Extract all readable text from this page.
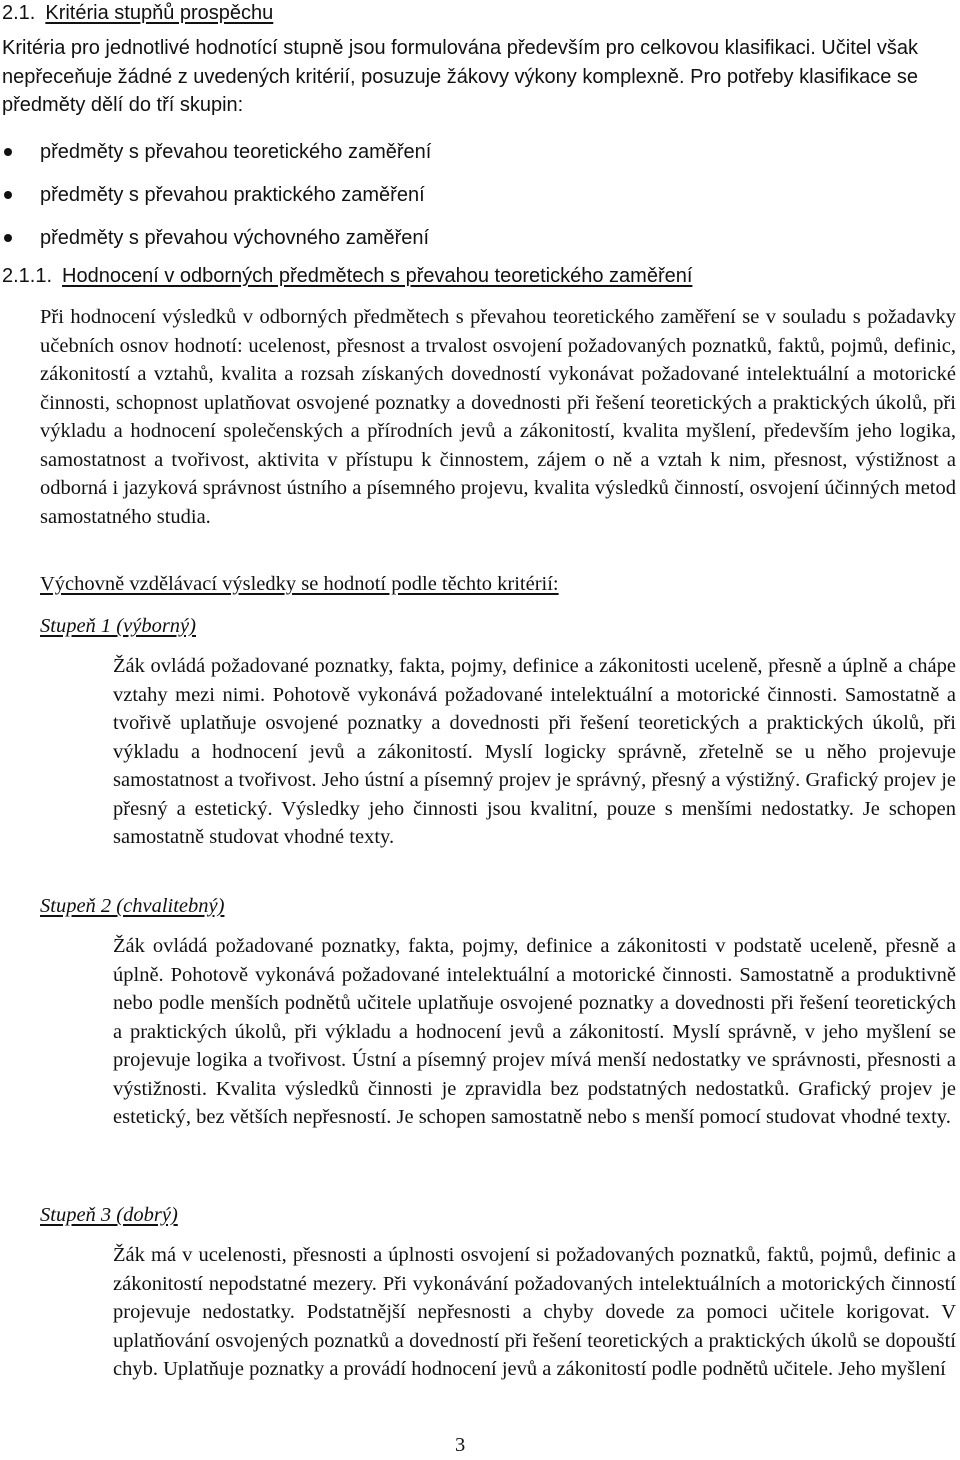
2.1. Kritéria stupňů prospěchu
Kritéria pro jednotlivé hodnotící stupně jsou formulována především pro celkovou klasifikaci. Učitel však nepřeceňuje žádné z uvedených kritérií, posuzuje žákovy výkony komplexně. Pro potřeby klasifikace se předměty dělí do tří skupin:
předměty s převahou teoretického zaměření
předměty s převahou praktického zaměření
předměty s převahou výchovného zaměření
2.1.1. Hodnocení v odborných předmětech s převahou teoretického zaměření
Při hodnocení výsledků v odborných předmětech s převahou teoretického zaměření se v souladu s požadavky učebních osnov hodnotí: ucelenost, přesnost a trvalost osvojení požadovaných poznatků, faktů, pojmů, definic, zákonitostí a vztahů, kvalita a rozsah získaných dovedností vykonávat požadované intelektuální a motorické činnosti, schopnost uplatňovat osvojené poznatky a dovednosti při řešení teoretických a praktických úkolů, při výkladu a hodnocení společenských a přírodních jevů a zákonitostí, kvalita myšlení, především jeho logika, samostatnost a tvořivost, aktivita v přístupu k činnostem, zájem o ně a vztah k nim, přesnost, výstižnost a odborná i jazyková správnost ústního a písemného projevu, kvalita výsledků činností, osvojení účinných metod samostatného studia.
Výchovně vzdělávací výsledky se hodnotí podle těchto kritérií:
Stupeň 1 (výborný)
Žák ovládá požadované poznatky, fakta, pojmy, definice a zákonitosti uceleně, přesně a úplně a chápe vztahy mezi nimi. Pohotově vykonává požadované intelektuální a motorické činnosti. Samostatně a tvořivě uplatňuje osvojené poznatky a dovednosti při řešení teoretických a praktických úkolů, při výkladu a hodnocení jevů a zákonitostí. Myslí logicky správně, zřetelně se u něho projevuje samostatnost a tvořivost. Jeho ústní a písemný projev je správný, přesný a výstižný. Grafický projev je přesný a estetický. Výsledky jeho činnosti jsou kvalitní, pouze s menšími nedostatky. Je schopen samostatně studovat vhodné texty.
Stupeň 2 (chvalitebný)
Žák ovládá požadované poznatky, fakta, pojmy, definice a zákonitosti v podstatě uceleně, přesně a úplně. Pohotově vykonává požadované intelektuální a motorické činnosti. Samostatně a produktivně nebo podle menších podnětů učitele uplatňuje osvojené poznatky a dovednosti při řešení teoretických a praktických úkolů, při výkladu a hodnocení jevů a zákonitostí. Myslí správně, v jeho myšlení se projevuje logika a tvořivost. Ústní a písemný projev mívá menší nedostatky ve správnosti, přesnosti a výstižnosti. Kvalita výsledků činnosti je zpravidla bez podstatných nedostatků. Grafický projev je estetický, bez větších nepřesností. Je schopen samostatně nebo s menší pomocí studovat vhodné texty.
Stupeň 3 (dobrý)
Žák má v ucelenosti, přesnosti a úplnosti osvojení si požadovaných poznatků, faktů, pojmů, definic a zákonitostí nepodstatné mezery. Při vykonávání požadovaných intelektuálních a motorických činností projevuje nedostatky. Podstatnější nepřesnosti a chyby dovede za pomoci učitele korigovat. V uplatňování osvojených poznatků a dovedností při řešení teoretických a praktických úkolů se dopouští chyb. Uplatňuje poznatky a provádí hodnocení jevů a zákonitostí podle podnětů učitele. Jeho myšlení
3
